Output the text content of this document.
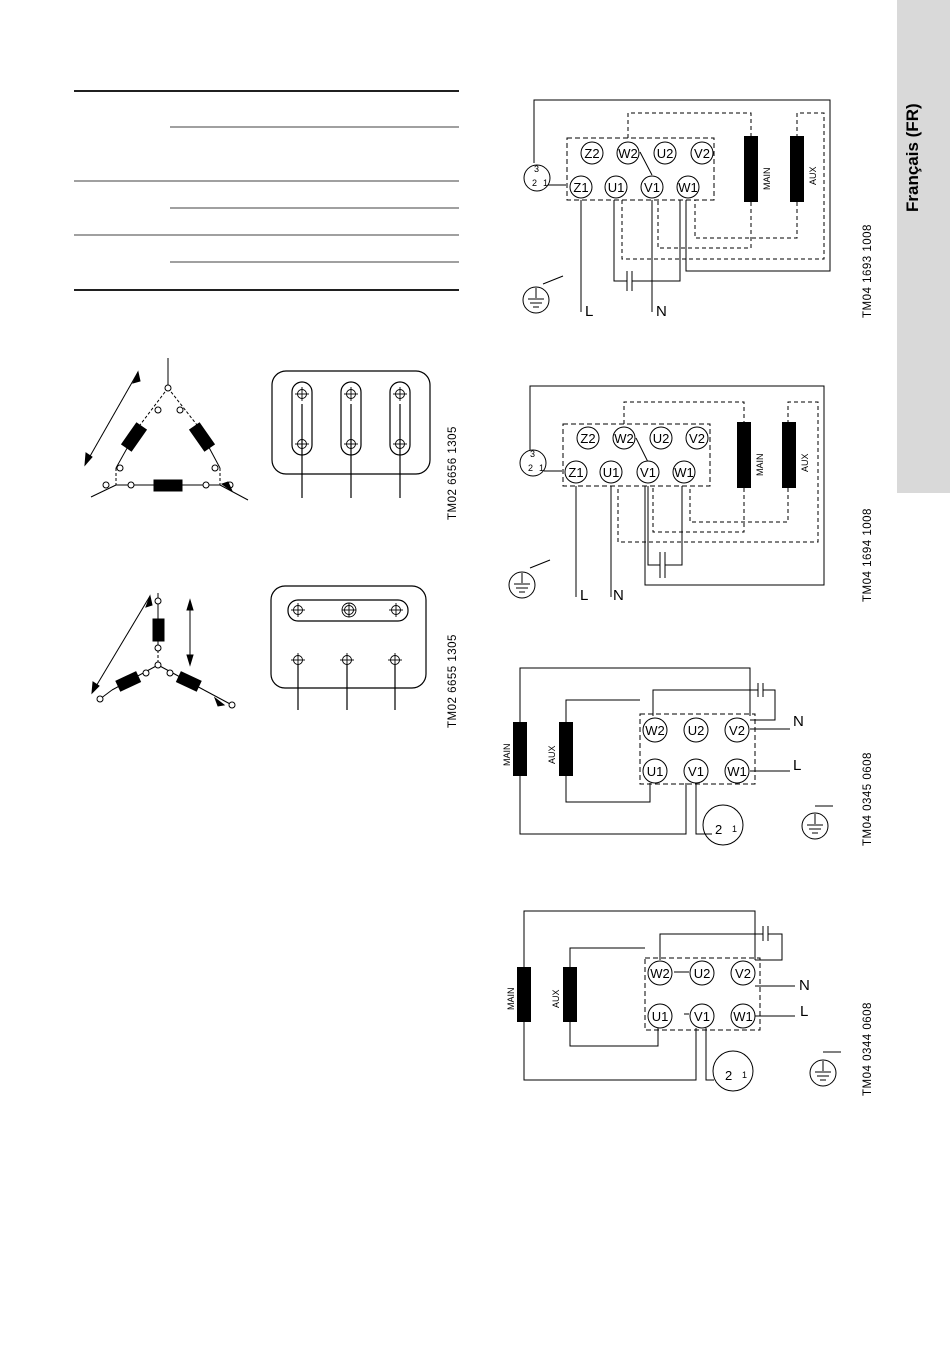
Français (FR)
TM02 6656 1305
TM02 6655 1305
MAIN	AUX
Z2 W2 U2 V2
Z1 U1 V1 W1
3
2 1
L	N	TM04 1693 1008
MAIN	AUX
Z2 W2 U2 V2
Z1 U1 V1 W1
3
2 1
L N	TM04 1694 1008
MAIN	AUX
W2 U2 V2
U1 V1 W1
N
L
2 1	TM04 0345 0608
MAIN	AUX
W2 U2 V2
U1 V1 W1
N
L
2 1	TM04 0344 0608
